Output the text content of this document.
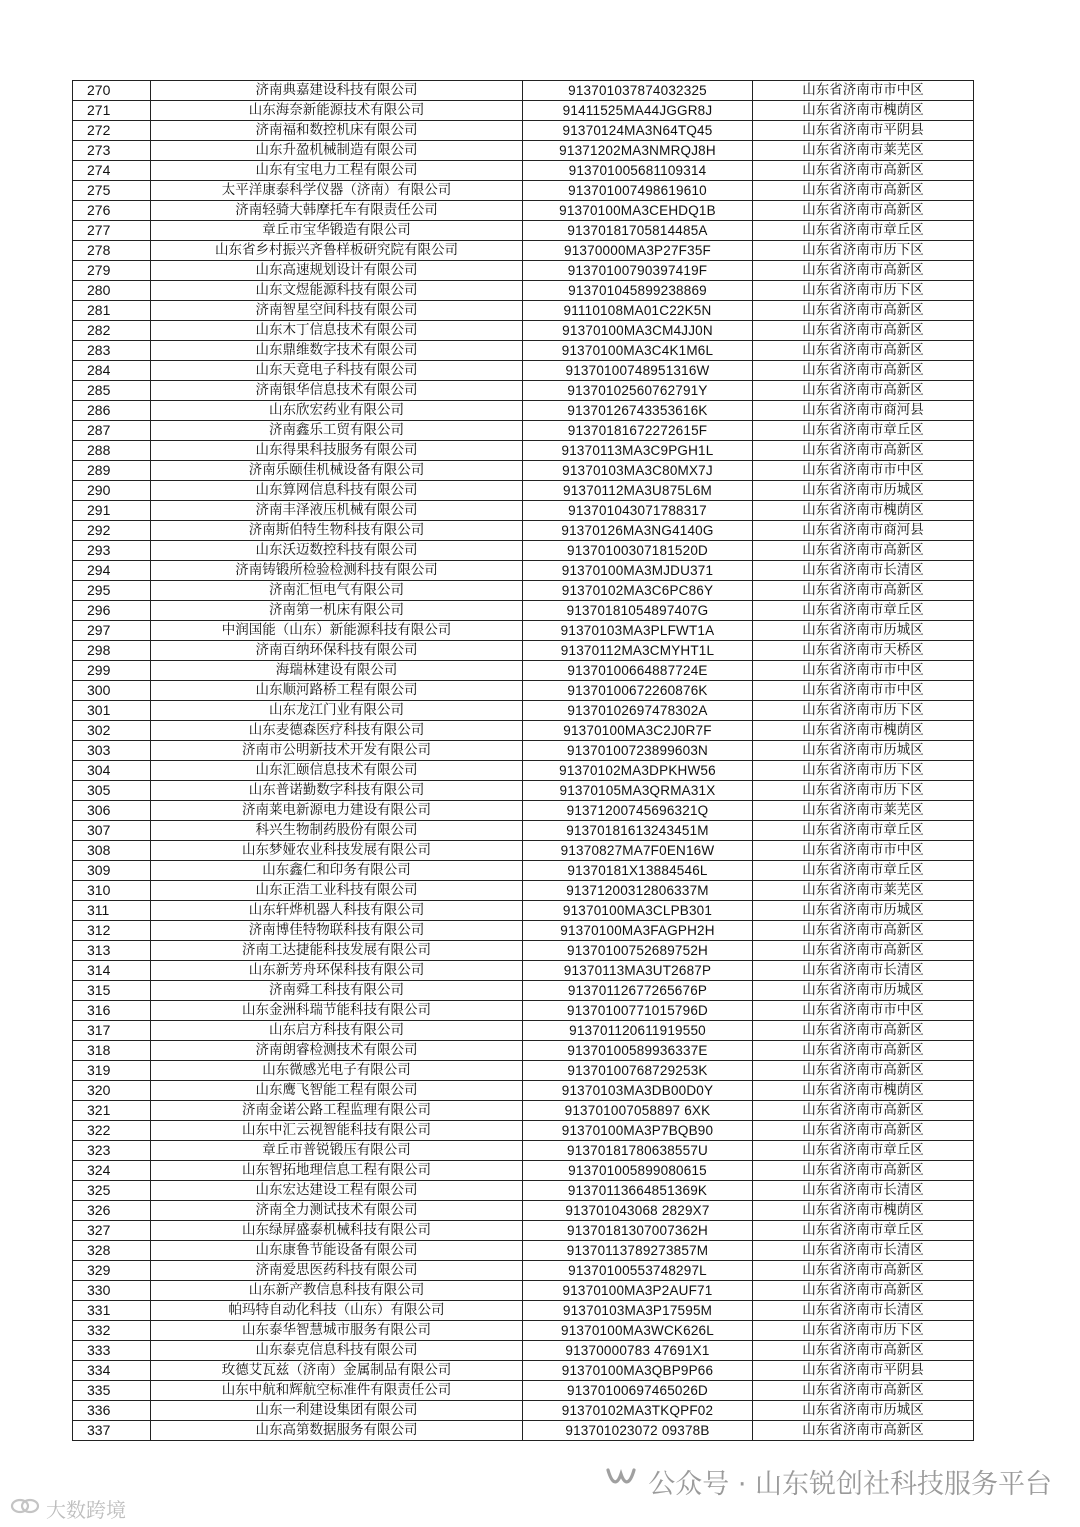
270	济南典嘉建设科技有限公司	913701037874032325	山东省济南市市中区
271	山东海奈新能源技术有限公司	91411525MA44JGGR8J	山东省济南市槐荫区
272	济南福和数控机床有限公司	91370124MA3N64TQ45	山东省济南市平阴县
273	山东升盈机械制造有限公司	91371202MA3NMRQJ8H	山东省济南市莱芜区
274	山东有宝电力工程有限公司	913701005681109314	山东省济南市高新区
275	太平洋康泰科学仪器（济南）有限公司	913701007498619610	山东省济南市高新区
276	济南轻骑大韩摩托车有限责任公司	91370100MA3CEHDQ1B	山东省济南市高新区
277	章丘市宝华锻造有限公司	91370181705814485A	山东省济南市章丘区
278	山东省乡村振兴齐鲁样板研究院有限公司	91370000MA3P27F35F	山东省济南市历下区
279	山东高速规划设计有限公司	91370100790397419F	山东省济南市高新区
280	山东文煜能源科技有限公司	913701045899238869	山东省济南市历下区
281	济南智星空间科技有限公司	91110108MA01C22K5N	山东省济南市高新区
282	山东木丁信息技术有限公司	91370100MA3CM4JJ0N	山东省济南市高新区
283	山东鼎维数字技术有限公司	91370100MA3C4K1M6L	山东省济南市高新区
284	山东天竟电子科技有限公司	91370100748951316W	山东省济南市高新区
285	济南银华信息技术有限公司	91370102560762791Y	山东省济南市高新区
286	山东欣宏药业有限公司	91370126743353616K	山东省济南市商河县
287	济南鑫乐工贸有限公司	91370181672272615F	山东省济南市章丘区
288	山东得果科技服务有限公司	91370113MA3C9PGH1L	山东省济南市高新区
289	济南乐颐佳机械设备有限公司	91370103MA3C80MX7J	山东省济南市市中区
290	山东算网信息科技有限公司	91370112MA3U875L6M	山东省济南市历城区
291	济南丰泽液压机械有限公司	913701043071788317	山东省济南市槐荫区
292	济南斯伯特生物科技有限公司	91370126MA3NG4140G	山东省济南市商河县
293	山东沃迈数控科技有限公司	91370100307181520D	山东省济南市高新区
294	济南铸锻所检验检测科技有限公司	91370100MA3MJDU371	山东省济南市长清区
295	济南汇恒电气有限公司	91370102MA3C6PC86Y	山东省济南市高新区
296	济南第一机床有限公司	91370181054897407G	山东省济南市章丘区
297	中润国能（山东）新能源科技有限公司	91370103MA3PLFWT1A	山东省济南市历城区
298	济南百纳环保科技有限公司	91370112MA3CMYHT1L	山东省济南市天桥区
299	海瑞林建设有限公司	91370100664887724E	山东省济南市市中区
300	山东顺河路桥工程有限公司	91370100672260876K	山东省济南市市中区
301	山东龙江门业有限公司	91370102697478302A	山东省济南市历下区
302	山东麦德森医疗科技有限公司	91370100MA3C2J0R7F	山东省济南市槐荫区
303	济南市公明新技术开发有限公司	91370100723899603N	山东省济南市历城区
304	山东汇颐信息技术有限公司	91370102MA3DPKHW56	山东省济南市历下区
305	山东普诺勤数字科技有限公司	91370105MA3QRMA31X	山东省济南市历下区
306	济南莱电新源电力建设有限公司	91371200745696321Q	山东省济南市莱芜区
307	科兴生物制药股份有限公司	91370181613243451M	山东省济南市章丘区
308	山东梦娅农业科技发展有限公司	91370827MA7F0EN16W	山东省济南市市中区
309	山东鑫仁和印务有限公司	91370181X13884546L	山东省济南市章丘区
310	山东正浩工业科技有限公司	91371200312806337M	山东省济南市莱芜区
311	山东轩烨机器人科技有限公司	91370100MA3CLPB301	山东省济南市历城区
312	济南博佳特物联科技有限公司	91370100MA3FAGPH2H	山东省济南市高新区
313	济南工达捷能科技发展有限公司	91370100752689752H	山东省济南市高新区
314	山东新芳舟环保科技有限公司	91370113MA3UT2687P	山东省济南市长清区
315	济南舜工科技有限公司	91370112677265676P	山东省济南市历城区
316	山东金洲科瑞节能科技有限公司	91370100771015796D	山东省济南市市中区
317	山东启方科技有限公司	913701120611919550	山东省济南市高新区
318	济南朗睿检测技术有限公司	91370100589936337E	山东省济南市高新区
319	山东微感光电子有限公司	91370100768729253K	山东省济南市高新区
320	山东鹰飞智能工程有限公司	91370103MA3DB00D0Y	山东省济南市槐荫区
321	济南金诺公路工程监理有限公司	913701007058897 6XK	山东省济南市高新区
322	山东中汇云视智能科技有限公司	91370100MA3P7BQB90	山东省济南市高新区
323	章丘市普锐锻压有限公司	91370181780638557U	山东省济南市章丘区
324	山东智拓地理信息工程有限公司	913701005899080615	山东省济南市高新区
325	山东宏达建设工程有限公司	91370113664851369K	山东省济南市长清区
326	济南全力测试技术有限公司	913701043068 2829X7	山东省济南市槐荫区
327	山东绿屏盛泰机械科技有限公司	91370181307007362H	山东省济南市章丘区
328	山东康鲁节能设备有限公司	91370113789273857M	山东省济南市长清区
329	济南爱思医药科技有限公司	91370100553748297L	山东省济南市高新区
330	山东新产教信息科技有限公司	91370100MA3P2AUF71	山东省济南市高新区
331	帕玛特自动化科技（山东）有限公司	91370103MA3P17595M	山东省济南市长清区
332	山东泰华智慧城市服务有限公司	91370100MA3WCK626L	山东省济南市历下区
333	山东泰克信息科技有限公司	91370000783 47691X1	山东省济南市高新区
334	玫德艾瓦兹（济南）金属制品有限公司	91370100MA3QBP9P66	山东省济南市平阴县
335	山东中航和辉航空标准件有限责任公司	91370100697465026D	山东省济南市高新区
336	山东一利建设集团有限公司	91370102MA3TKQPF02	山东省济南市历城区
337	山东高第数据服务有限公司	913701023072 09378B	山东省济南市高新区
大数跨境
公众号 · 山东锐创社科技服务平台
